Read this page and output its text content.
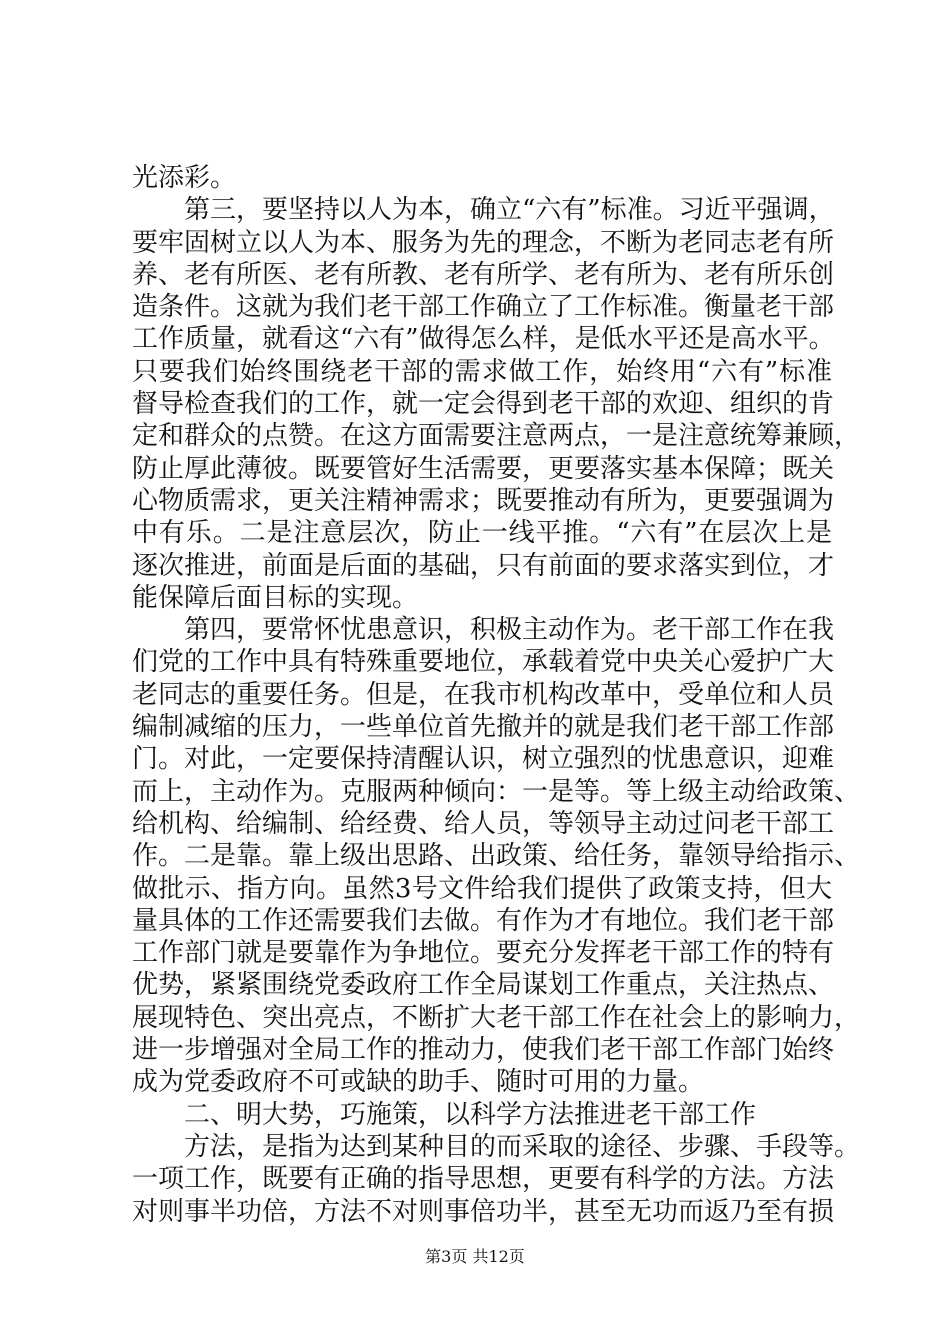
光添彩。
　　第三，要坚持以人为本，确立“六有”标准。习近平强调，
要牢固树立以人为本、服务为先的理念，不断为老同志老有所
养、老有所医、老有所教、老有所学、老有所为、老有所乐创
造条件。这就为我们老干部工作确立了工作标准。衡量老干部
工作质量，就看这“六有”做得怎么样，是低水平还是高水平。
只要我们始终围绕老干部的需求做工作，始终用“六有”标准
督导检查我们的工作，就一定会得到老干部的欢迎、组织的肯
定和群众的点赞。在这方面需要注意两点，一是注意统筹兼顾，
防止厚此薄彼。既要管好生活需要，更要落实基本保障；既关
心物质需求，更关注精神需求；既要推动有所为，更要强调为
中有乐。二是注意层次，防止一线平推。“六有”在层次上是
逐次推进，前面是后面的基础，只有前面的要求落实到位，才
能保障后面目标的实现。
　　第四，要常怀忧患意识，积极主动作为。老干部工作在我
们党的工作中具有特殊重要地位，承载着党中央关心爱护广大
老同志的重要任务。但是，在我市机构改革中，受单位和人员
编制减缩的压力，一些单位首先撤并的就是我们老干部工作部
门。对此，一定要保持清醒认识，树立强烈的忧患意识，迎难
而上，主动作为。克服两种倾向：一是等。等上级主动给政策、
给机构、给编制、给经费、给人员，等领导主动过问老干部工
作。二是靠。靠上级出思路、出政策、给任务，靠领导给指示、
做批示、指方向。虽然3号文件给我们提供了政策支持，但大
量具体的工作还需要我们去做。有作为才有地位。我们老干部
工作部门就是要靠作为争地位。要充分发挥老干部工作的特有
优势，紧紧围绕党委政府工作全局谋划工作重点，关注热点、
展现特色、突出亮点，不断扩大老干部工作在社会上的影响力，
进一步增强对全局工作的推动力，使我们老干部工作部门始终
成为党委政府不可或缺的助手、随时可用的力量。
　　二、明大势，巧施策，以科学方法推进老干部工作
　　方法，是指为达到某种目的而采取的途径、步骤、手段等。
一项工作，既要有正确的指导思想，更要有科学的方法。方法
对则事半功倍，方法不对则事倍功半，甚至无功而返乃至有损
第3页 共12页
